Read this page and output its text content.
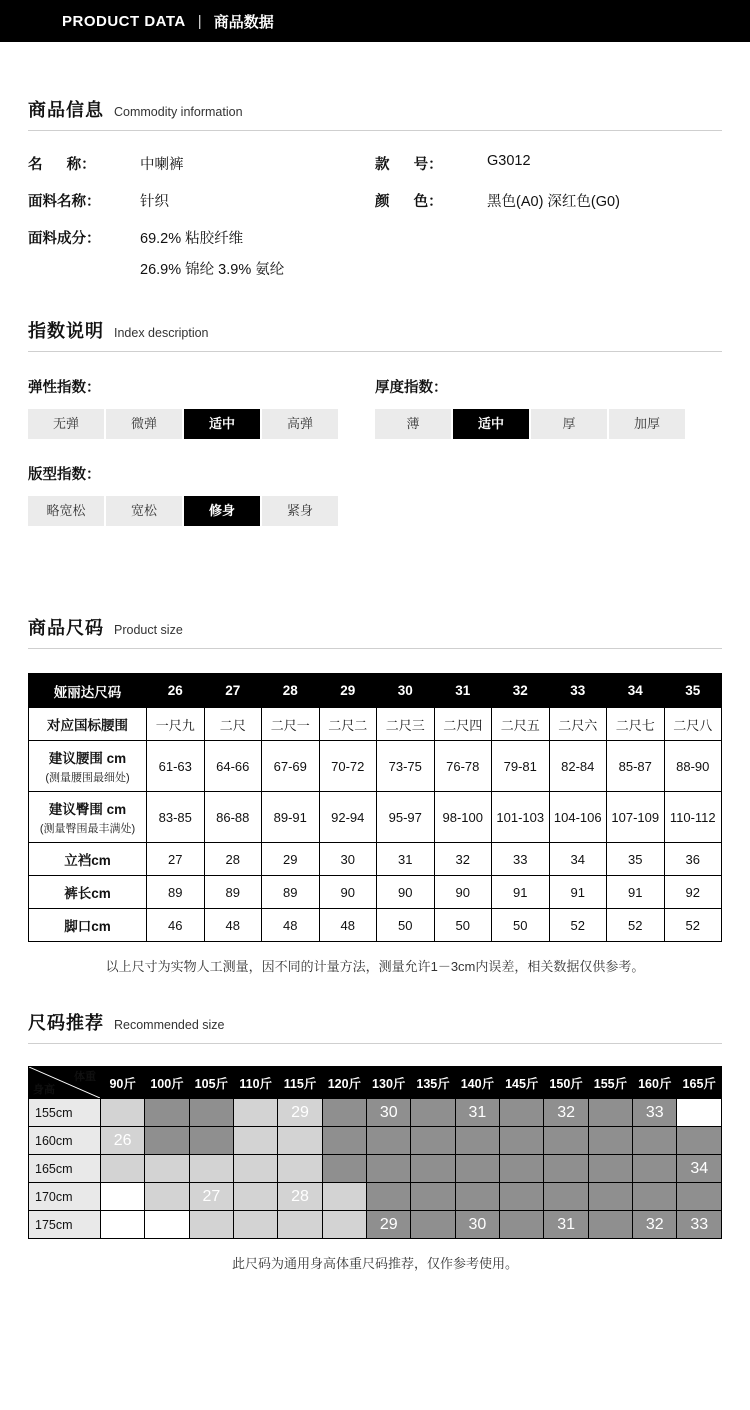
PRODUCT DATA | 商品数据
商品信息 Commodity information
名      称：	中喇裤
面料名称：	针织
面料成分：	69.2% 粘胶纤维
26.9% 锦纶 3.9% 氨纶
款      号：	G3012
颜      色：	黑色(A0) 深红色(G0)
指数说明 Index description
弹性指数：
无弹	微弹	适中	高弹
厚度指数：
薄	适中	厚	加厚
版型指数：
略宽松	宽松	修身	紧身
商品尺码 Product size
娅丽达尺码	26	27	28	29	30	31	32	33	34	35
对应国标腰围	一尺九	二尺	二尺一	二尺二	二尺三	二尺四	二尺五	二尺六	二尺七	二尺八
建议腰围 cm
(测量腰围最细处)	61-63	64-66	67-69	70-72	73-75	76-78	79-81	82-84	85-87	88-90
建议臀围 cm
(测量臀围最丰满处)	83-85	86-88	89-91	92-94	95-97	98-100	101-103	104-106	107-109	110-112
立裆cm	27	28	29	30	31	32	33	34	35	36
裤长cm	89	89	89	90	90	90	91	91	91	92
脚口cm	46	48	48	48	50	50	50	52	52	52
以上尺寸为实物人工测量，因不同的计量方法，测量允许1－3cm内误差，相关数据仅供参考。
尺码推荐 Recommended size
体重
身高	90斤	100斤	105斤	110斤	115斤	120斤	130斤	135斤	140斤	145斤	150斤	155斤	160斤	165斤
155cm					29		30		31		32		33	
160cm	26													
165cm														34
170cm			27		28									
175cm							29		30		31		32	33
此尺码为通用身高体重尺码推荐，仅作参考使用。
